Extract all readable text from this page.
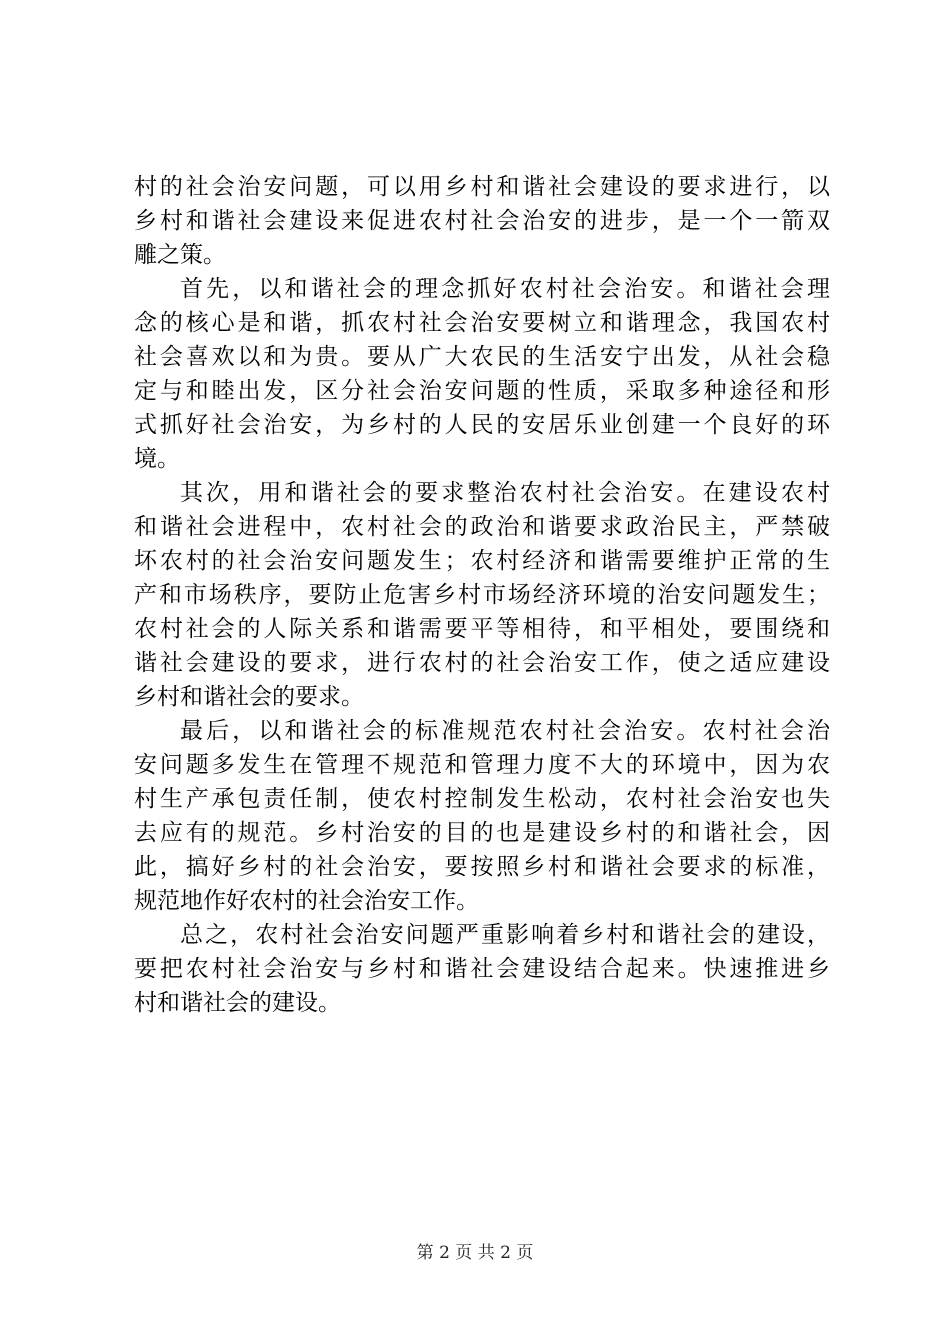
村的社会治安问题，可以用乡村和谐社会建设的要求进行，以
乡村和谐社会建设来促进农村社会治安的进步，是一个一箭双
雕之策。
首先，以和谐社会的理念抓好农村社会治安。和谐社会理
念的核心是和谐，抓农村社会治安要树立和谐理念，我国农村
社会喜欢以和为贵。要从广大农民的生活安宁出发，从社会稳
定与和睦出发，区分社会治安问题的性质，采取多种途径和形
式抓好社会治安，为乡村的人民的安居乐业创建一个良好的环
境。
其次，用和谐社会的要求整治农村社会治安。在建设农村
和谐社会进程中，农村社会的政治和谐要求政治民主，严禁破
坏农村的社会治安问题发生；农村经济和谐需要维护正常的生
产和市场秩序，要防止危害乡村市场经济环境的治安问题发生；
农村社会的人际关系和谐需要平等相待，和平相处，要围绕和
谐社会建设的要求，进行农村的社会治安工作，使之适应建设
乡村和谐社会的要求。
最后，以和谐社会的标准规范农村社会治安。农村社会治
安问题多发生在管理不规范和管理力度不大的环境中，因为农
村生产承包责任制，使农村控制发生松动，农村社会治安也失
去应有的规范。乡村治安的目的也是建设乡村的和谐社会，因
此，搞好乡村的社会治安，要按照乡村和谐社会要求的标准，
规范地作好农村的社会治安工作。
总之，农村社会治安问题严重影响着乡村和谐社会的建设，
要把农村社会治安与乡村和谐社会建设结合起来。快速推进乡
村和谐社会的建设。
第 2 页 共 2 页
